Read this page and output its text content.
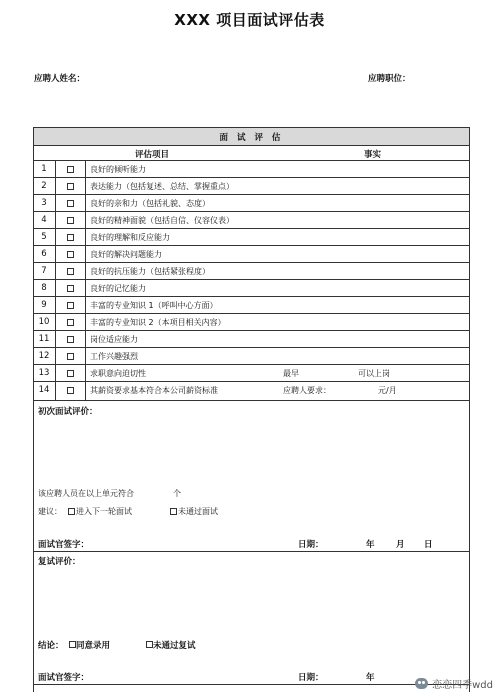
XXX 项目面试评估表
应聘人姓名：	应聘职位：
面 试 评 估
评估项目	事实
1	良好的倾听能力
2	表达能力（包括复述、总结、掌握重点）
3	良好的亲和力（包括礼貌、态度）
4	良好的精神面貌（包括自信、仪容仪表）
5	良好的理解和反应能力
6	良好的解决问题能力
7	良好的抗压能力（包括紧张程度）
8	良好的记忆能力
9	丰富的专业知识 1（呼叫中心方面）
10	丰富的专业知识 2（本项目相关内容）
11	岗位适应能力
12	工作兴趣强烈
13	求职意向迫切性	最早	可以上岗
14	其薪资要求基本符合本公司薪资标准	应聘人要求：	元/月
初次面试评价：
该应聘人员在以上单元符合	个
建议： 进入下一轮面试	未通过面试
面试官签字：	日期：	年	月 日
复试评价：
结论： 同意录用	未通过复试
面试官签字：	日期：	年
恋恋四季wdd
